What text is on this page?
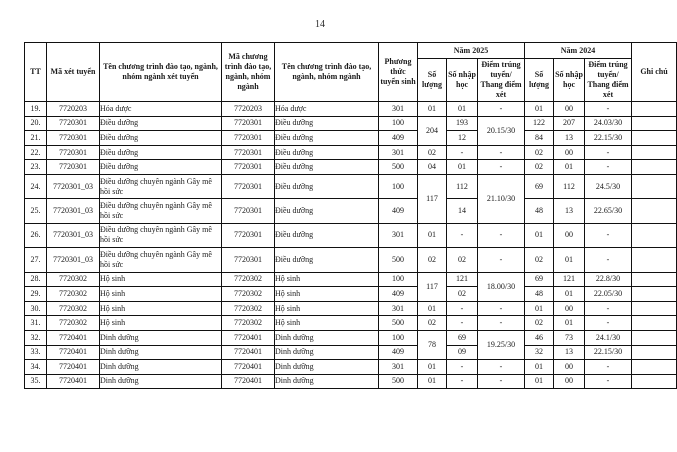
14
TT	Mã xét tuyển	Tên chương trình đào tạo, ngành, nhóm ngành xét tuyển	Mã chương trình đào tạo, ngành, nhóm ngành	Tên chương trình đào tạo, ngành, nhóm ngành	Phương thức tuyển sinh	Năm 2025			Năm 2024			Ghi chú
						Số lượng	Số nhập học	Điểm trúng tuyển/ Thang điểm xét	Số lượng	Số nhập học	Điểm trúng tuyển/ Thang điểm xét	
19.	7720203	Hóa dược	7720203	Hóa dược	301	01	01	-	01	00	-	
20.	7720301	Điều dưỡng	7720301	Điều dưỡng	100	204	193	20.15/30	122	207	24.03/30	
21.	7720301	Điều dưỡng	7720301	Điều dưỡng	409		12		84	13	22.15/30	
22.	7720301	Điều dưỡng	7720301	Điều dưỡng	301	02	-	-	02	00	-	
23.	7720301	Điều dưỡng	7720301	Điều dưỡng	500	04	01	-	02	01	-	
24.	7720301_03	Điều dưỡng chuyên ngành Gây mê hồi sức	7720301	Điều dưỡng	100	117	112	21.10/30	69	112	24.5/30	
25.	7720301_03	Điều dưỡng chuyên ngành Gây mê hồi sức	7720301	Điều dưỡng	409		14		48	13	22.65/30	
26.	7720301_03	Điều dưỡng chuyên ngành Gây mê hồi sức	7720301	Điều dưỡng	301	01	-	-	01	00	-	
27.	7720301_03	Điều dưỡng chuyên ngành Gây mê hồi sức	7720301	Điều dưỡng	500	02	02	-	02	01	-	
28.	7720302	Hộ sinh	7720302	Hộ sinh	100	117	121	18.00/30	69	121	22.8/30	
29.	7720302	Hộ sinh	7720302	Hộ sinh	409		02		48	01	22.05/30	
30.	7720302	Hộ sinh	7720302	Hộ sinh	301	01	-	-	01	00	-	
31.	7720302	Hộ sinh	7720302	Hộ sinh	500	02	-	-	02	01	-	
32.	7720401	Dinh dưỡng	7720401	Dinh dưỡng	100	78	69	19.25/30	46	73	24.1/30	
33.	7720401	Dinh dưỡng	7720401	Dinh dưỡng	409		09		32	13	22.15/30	
34.	7720401	Dinh dưỡng	7720401	Dinh dưỡng	301	01	-	-	01	00	-	
35.	7720401	Dinh dưỡng	7720401	Dinh dưỡng	500	01	-	-	01	00	-	
